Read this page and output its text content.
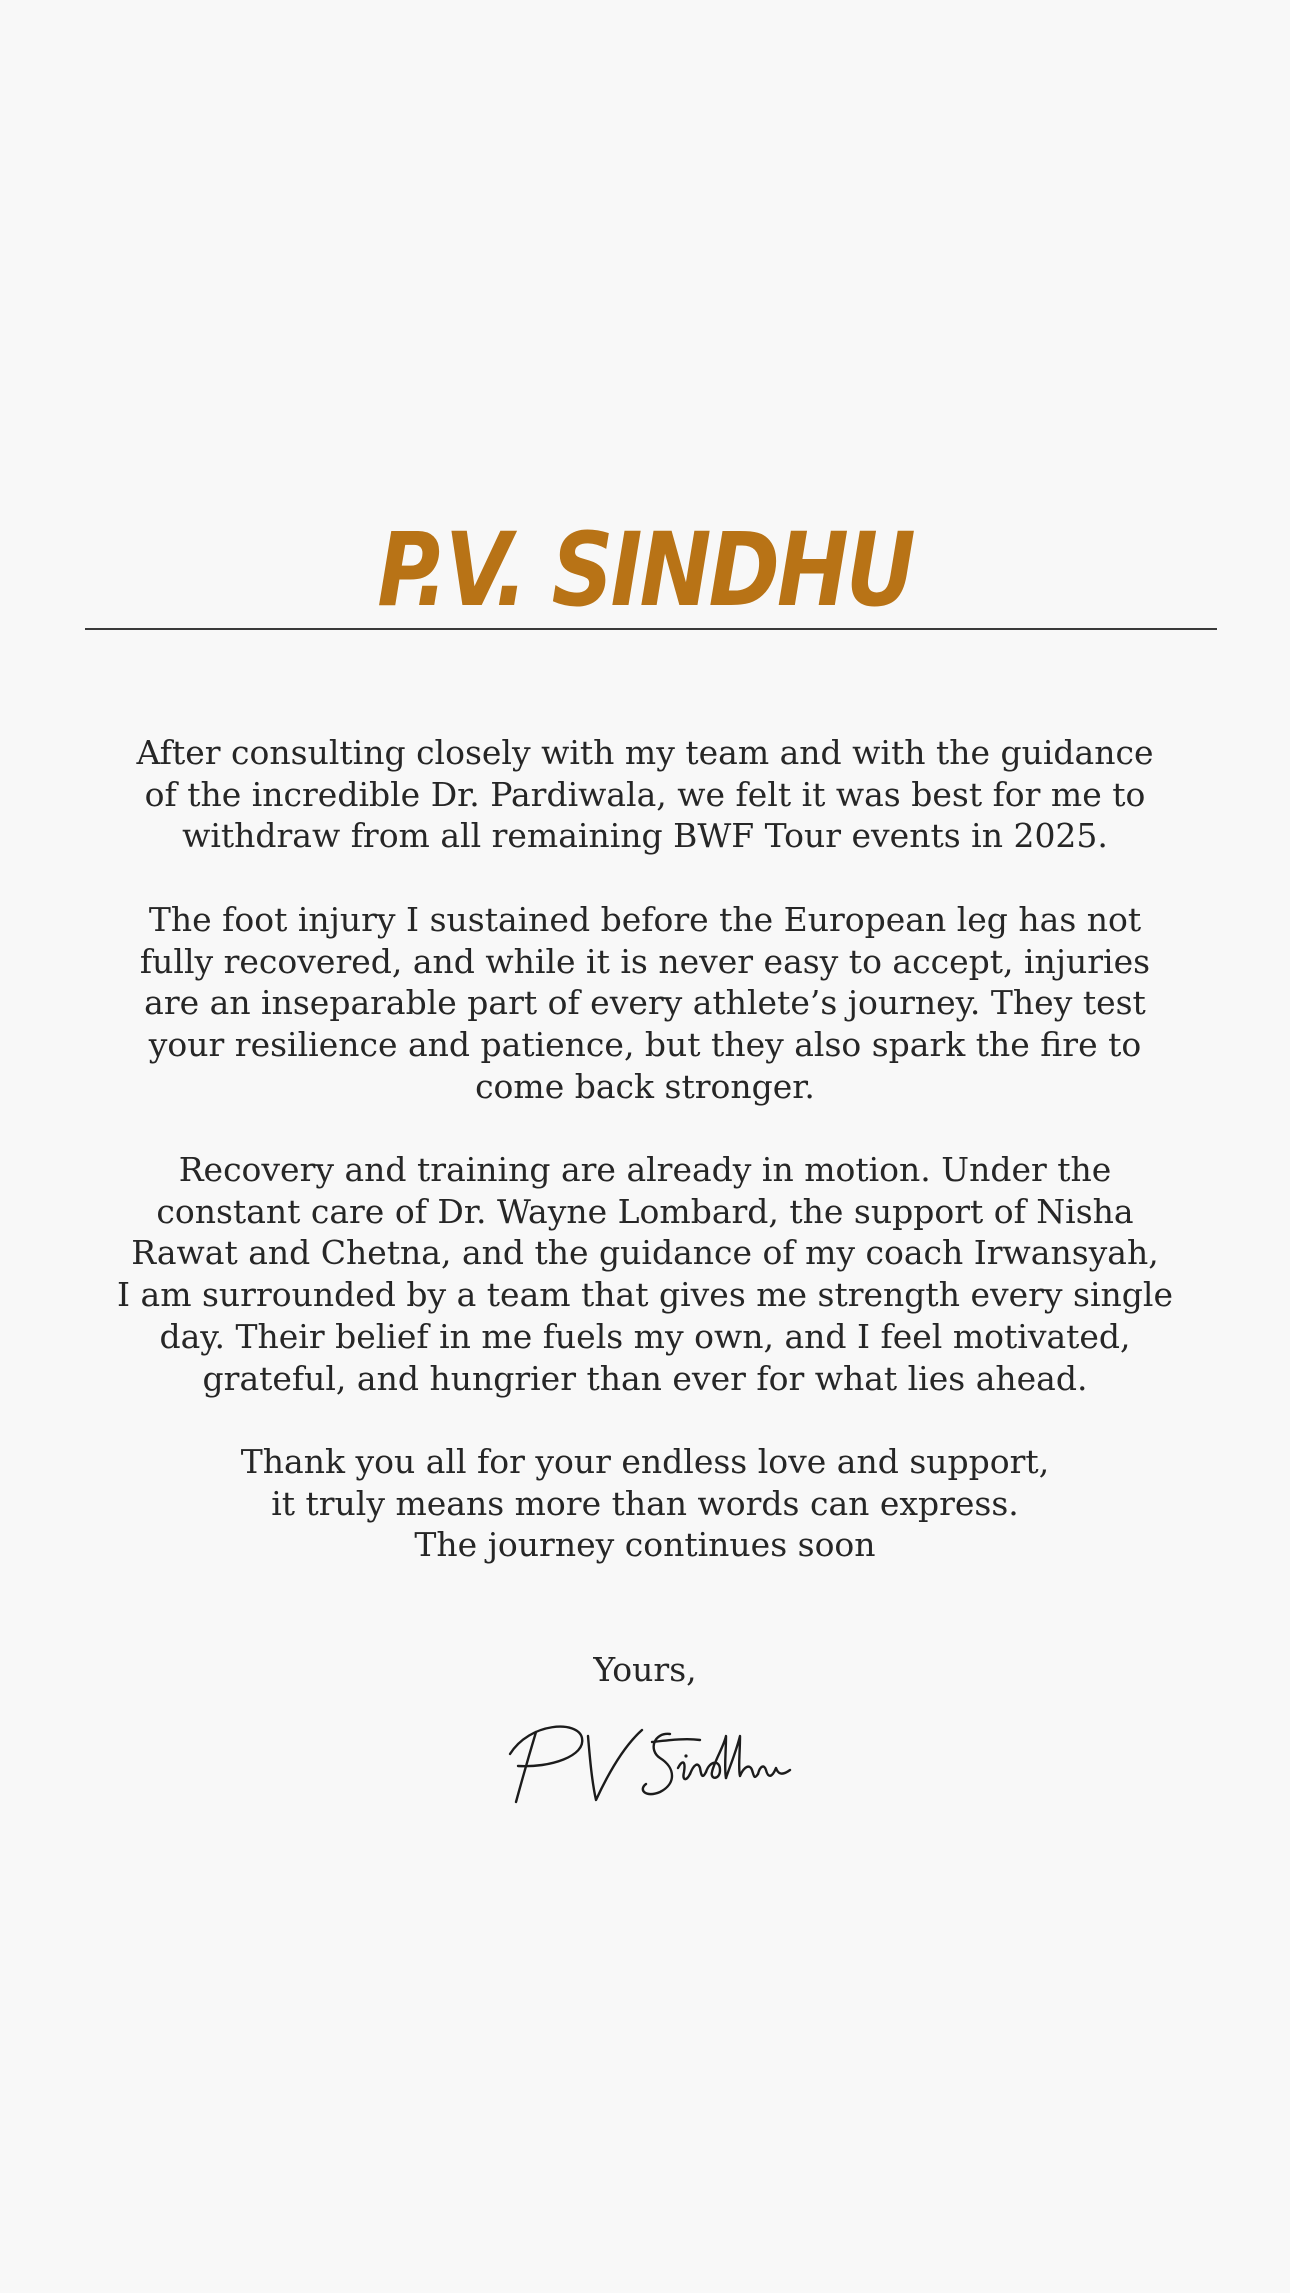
P.V. SINDHU

After consulting closely with my team and with the guidance
of the incredible Dr. Pardiwala, we felt it was best for me to
withdraw from all remaining BWF Tour events in 2025.

The foot injury I sustained before the European leg has not
fully recovered, and while it is never easy to accept, injuries
are an inseparable part of every athlete’s journey. They test
your resilience and patience, but they also spark the fire to
come back stronger.

Recovery and training are already in motion. Under the
constant care of Dr. Wayne Lombard, the support of Nisha
Rawat and Chetna, and the guidance of my coach Irwansyah,
I am surrounded by a team that gives me strength every single
day. Their belief in me fuels my own, and I feel motivated,
grateful, and hungrier than ever for what lies ahead.

Thank you all for your endless love and support,
it truly means more than words can express.
The journey continues soon

Yours,
